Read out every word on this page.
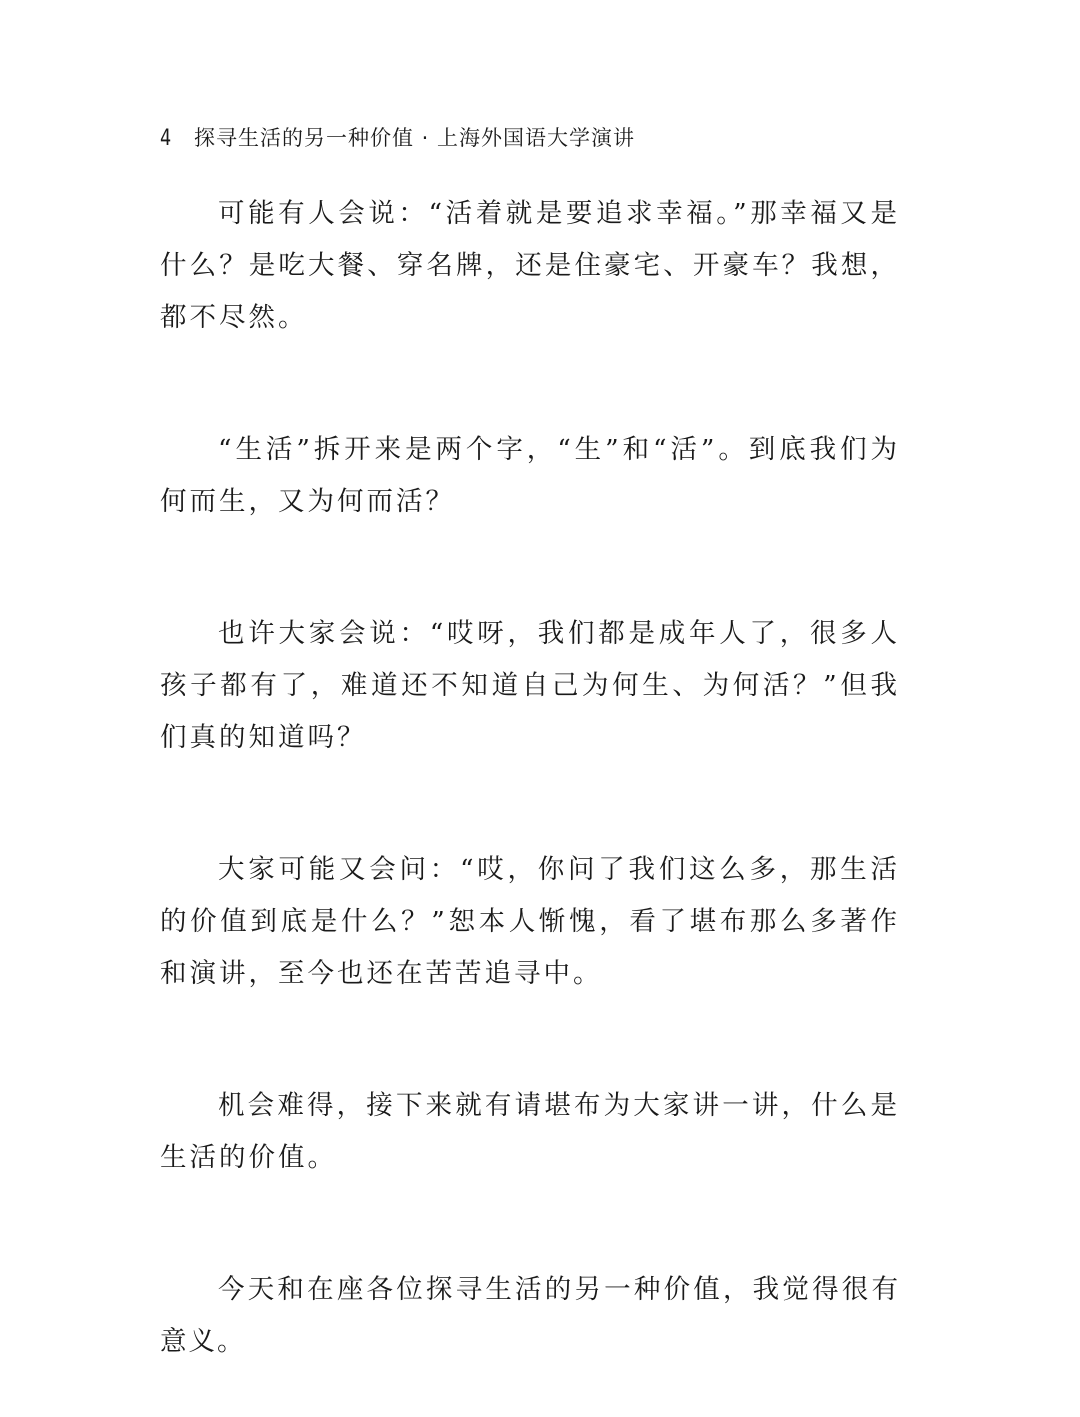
4 探寻生活的另一种价值 · 上海外国语大学演讲

可能有人会说：“活着就是要追求幸福。”那幸福又是什么？是吃大餐、穿名牌，还是住豪宅、开豪车？我想，都不尽然。

“生活”拆开来是两个字，“生”和“活”。到底我们为何而生，又为何而活？

也许大家会说：“哎呀，我们都是成年人了，很多人孩子都有了，难道还不知道自己为何生、为何活？”但我们真的知道吗？

大家可能又会问：“哎，你问了我们这么多，那生活的价值到底是什么？”恕本人惭愧，看了堪布那么多著作和演讲，至今也还在苦苦追寻中。

机会难得，接下来就有请堪布为大家讲一讲，什么是生活的价值。

今天和在座各位探寻生活的另一种价值，我觉得很有意义。
